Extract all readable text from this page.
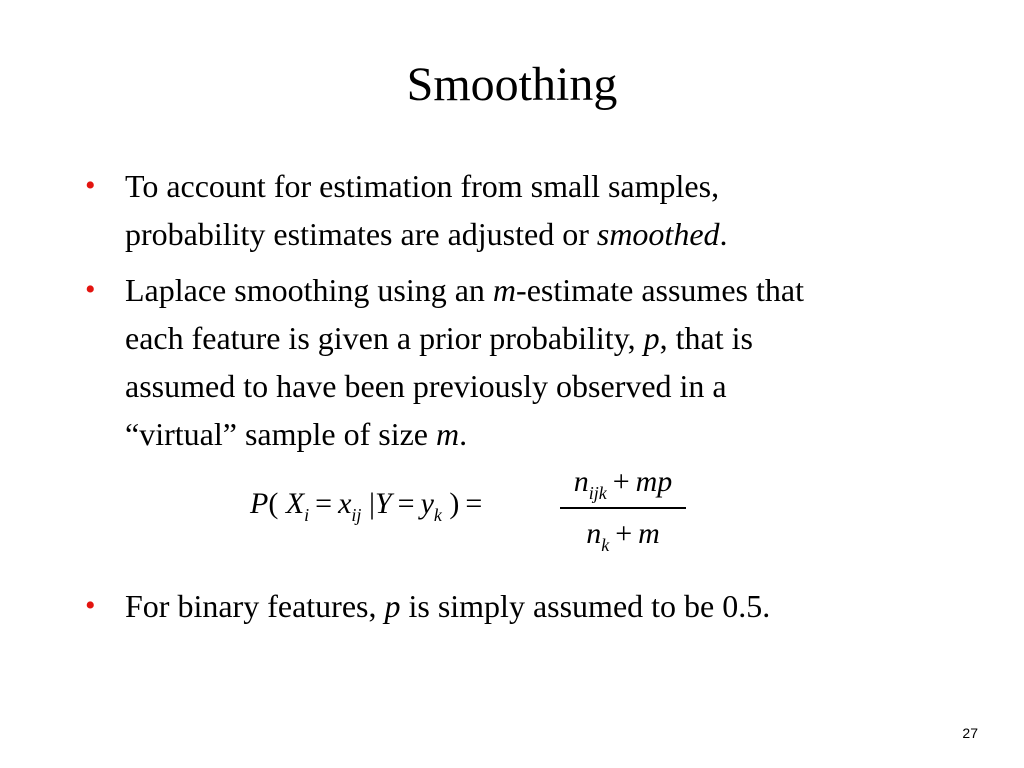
Smoothing
• To account for estimation from small samples,
probability estimates are adjusted or smoothed.
• Laplace smoothing using an m-estimate assumes that
each feature is given a prior probability, p, that is
assumed to have been previously observed in a
“virtual” sample of size m.
P( $X_i = x_{ij}$ $|Y = y_k$ ) =
$n_{ijk}$ + mp
$n_k + m$
• For binary features, p is simply assumed to be 0.5.
27
